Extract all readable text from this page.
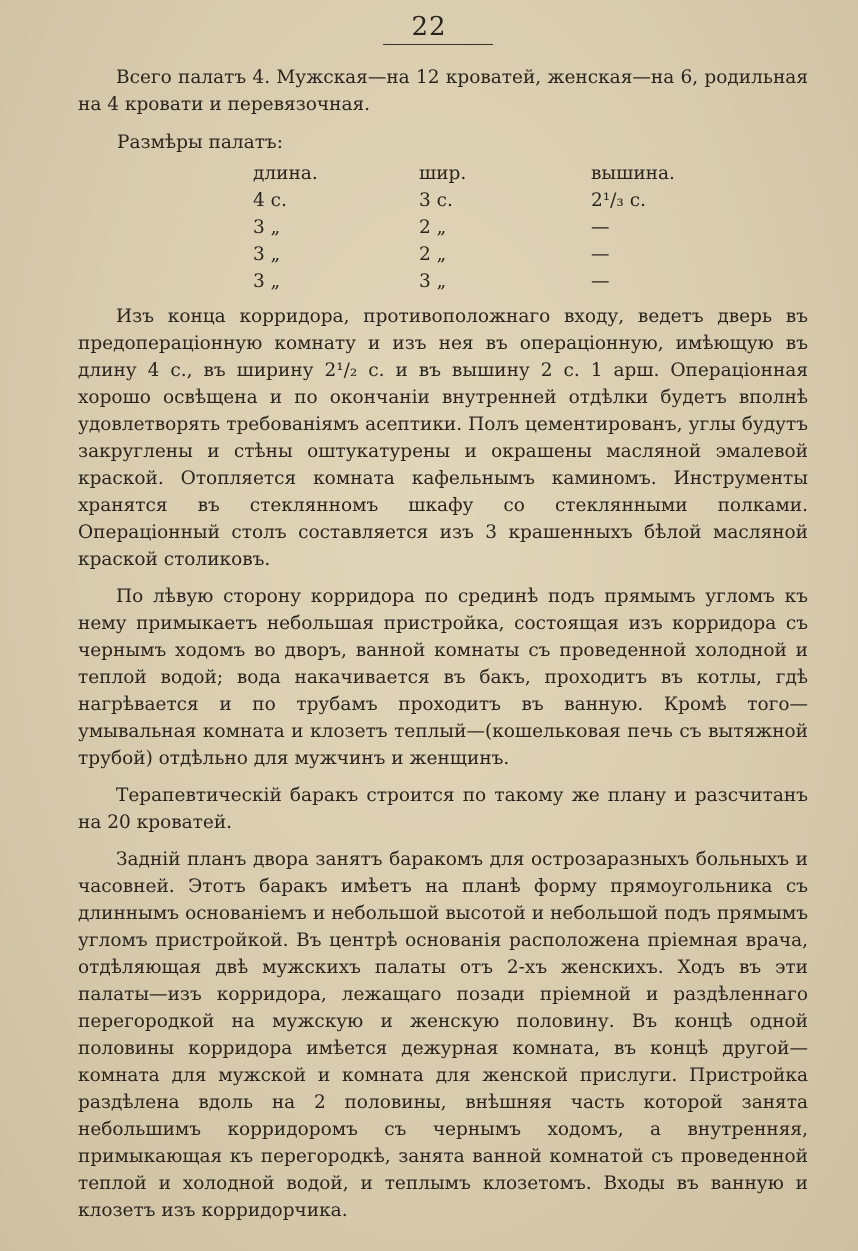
22

Всего палатъ 4. Мужская—на 12 кроватей, женская—на 6, родильная на 4 кровати и перевязочная.

Размѣры палатъ:
длина.	шир.	вышина.
4 с.	3 с.	2¹/₃ с.
3 „	2 „	—
3 „	2 „	—
3 „	3 „	—

Изъ конца корридора, противоположнаго входу, ведетъ дверь въ предоперацiонную комнату и изъ нея въ операцiонную, имѣющую въ длину 4 с., въ ширину 2¹/₂ с. и въ вышину 2 с. 1 арш. Операцiонная хорошо освѣщена и по окончанiи внутренней отдѣлки будетъ вполнѣ удовлетворять требованiямъ асептики. Полъ цементированъ, углы будутъ закруглены и стѣны оштукатурены и окрашены масляной эмалевой краской. Отопляется комната кафельнымъ каминомъ. Инструменты хранятся въ стеклянномъ шкафу со стеклянными полками. Операцiонный столъ составляется изъ 3 крашенныхъ бѣлой масляной краской столиковъ.

По лѣвую сторону корридора по срединѣ подъ прямымъ угломъ къ нему примыкаетъ небольшая пристройка, состоящая изъ корридора съ чернымъ ходомъ во дворъ, ванной комнаты съ проведенной холодной и теплой водой; вода накачивается въ бакъ, проходитъ въ котлы, гдѣ нагрѣвается и по трубамъ проходитъ въ ванную. Кромѣ того—умывальная комната и клозетъ теплый—(кошельковая печь съ вытяжной трубой) отдѣльно для мужчинъ и женщинъ.

Терапевтическiй баракъ строится по такому же плану и разсчитанъ на 20 кроватей.

Заднiй планъ двора занятъ баракомъ для острозаразныхъ больныхъ и часовней. Этотъ баракъ имѣетъ на планѣ форму прямоугольника съ длиннымъ основанiемъ и небольшой высотой и небольшой подъ прямымъ угломъ пристройкой. Въ центрѣ основанiя расположена прiемная врача, отдѣляющая двѣ мужскихъ палаты отъ 2-хъ женскихъ. Ходъ въ эти палаты—изъ корридора, лежащаго позади прiемной и раздѣленнаго перегородкой на мужскую и женскую половину. Въ концѣ одной половины корридора имѣется дежурная комната, въ концѣ другой—комната для мужской и комната для женской прислуги. Пристройка раздѣлена вдоль на 2 половины, внѣшняя часть которой занята небольшимъ корридоромъ съ чернымъ ходомъ, а внутренняя, примыкающая къ перегородкѣ, занята ванной комнатой съ проведенной теплой и холодной водой, и теплымъ клозетомъ. Входы въ ванную и клозетъ изъ корридорчика.
